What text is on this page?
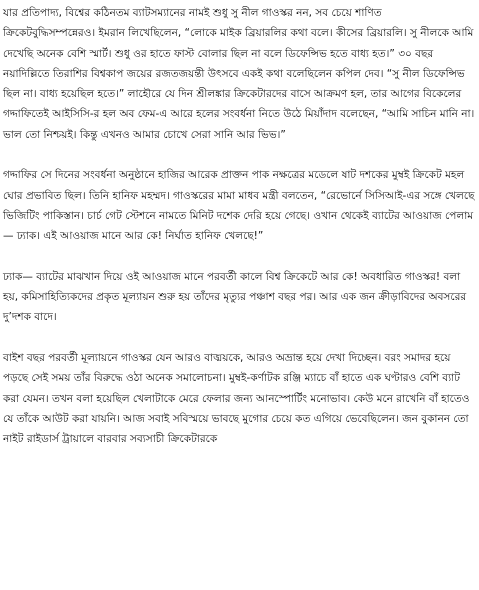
যার প্রতিপাদ্য, বিশ্বের কঠিনতম ব্যাটসম্যানের নামই শুধু সু নীল গাওস্কর নন, সব চেয়ে শাণিত ক্রিকেটবুদ্ধিসম্পন্নেরও। ইমরান লিখেছিলেন, “লোকে মাইক ব্রিয়ারলির কথা বলে। কীসের ব্রিয়ারলি। সু নীলকে আমি দেখেছি অনেক বেশি স্মার্ট। শুধু ওর হাতে ফাস্ট বোলার ছিল না বলে ডিফেন্সিভ হতে বাধ্য হত।” ৩০ বছর নয়াদিল্লিতে তিরাশির বিশ্বকাপ জয়ের রজতজয়ন্তী উৎসবে একই কথা বলেছিলেন কপিল দেব। “সু নীল ডিফেন্সিভ ছিল না। বাধ্য হয়েছিল হতে।” লাহৌরে যে দিন শ্রীলঙ্কার ক্রিকেটারদের বাসে আক্রমণ হল, তার আগের বিকেলের গদ্দাফিতেই আইসিসি-র হল অব ফেম-এ আরে হলের সংবর্ধনা নিতে উঠে মিয়াঁদাদ বলেছেন, “আমি সাচিন মানি না। ভাল তো নিশ্চয়ই। কিন্তু এখনও আমার চোখে সেরা সানি আর ভিভ।”

গদ্দাফির সে দিনের সংবর্ধনা অনুষ্ঠানে হাজির আরেক প্রাক্তন পাক নক্ষত্রের মডেলে ষাট দশকের মুম্বই ক্রিকেট মহল ঘোর প্রভাবিত ছিল। তিনি হানিফ মহম্মদ। গাওস্করের মামা মাধব মন্ত্রী বলতেন, “রেভোর্নে সিসিআই-এর সঙ্গে খেলছে ভিজিটিং পাকিস্তান। চার্চ গেট স্টেশনে নামতে মিনিট দশেক দেরি হয়ে গেছে। ওখান থেকেই ব্যাটের আওয়াজ পেলাম— ঢ্যাক। এই আওয়াজ মানে আর কে! নির্ঘাত হানিফ খেলছে!”

ঢ্যাক— ব্যাটের মাঝখান দিয়ে ওই আওয়াজ মানে পরবর্তী কালে বিশ্ব ক্রিকেটে আর কে! অবধারিত গাওস্কর! বলা হয়, কমিসাহিত্যিকদের প্রকৃত মূল্যায়ন শুরু হয় তাঁদের মৃত্যুর পঞ্চাশ বছর পর। আর এক জন ক্রীড়াবিদের অবসরের দু’দশক বাদে।

বাইশ বছর পরবর্তী মূল্যায়নে গাওস্কর যেন আরও বাঙ্ময়কে, আরও অভ্রান্ত হয়ে দেখা দিচ্ছেন। বরং সমাদর হয়ে পড়ছে সেই সময় তাঁর বিরুদ্ধে ওঠা অনেক সমালোচনা। মুম্বই-কর্ণাটক রঞ্জি ম্যাচে বাঁ হাতে এক ঘণ্টারও বেশি ব্যাট করা যেমন। তখন বলা হয়েছিল খেলাটাকে মেরে ফেলার জন্য আনস্পোর্টিং মনোভাব। কেউ মনে রাখেনি বাঁ হাতেও যে তাঁকে আউট করা যায়নি। আজ সবাই সবিস্ময়ে ভাবছে মুগোর চেয়ে কত এগিয়ে ভেবেছিলেন। জন বুকানন তো নাইট রাইডার্স ট্রায়ালে বারবার সব্যসাচী ক্রিকেটারকে
